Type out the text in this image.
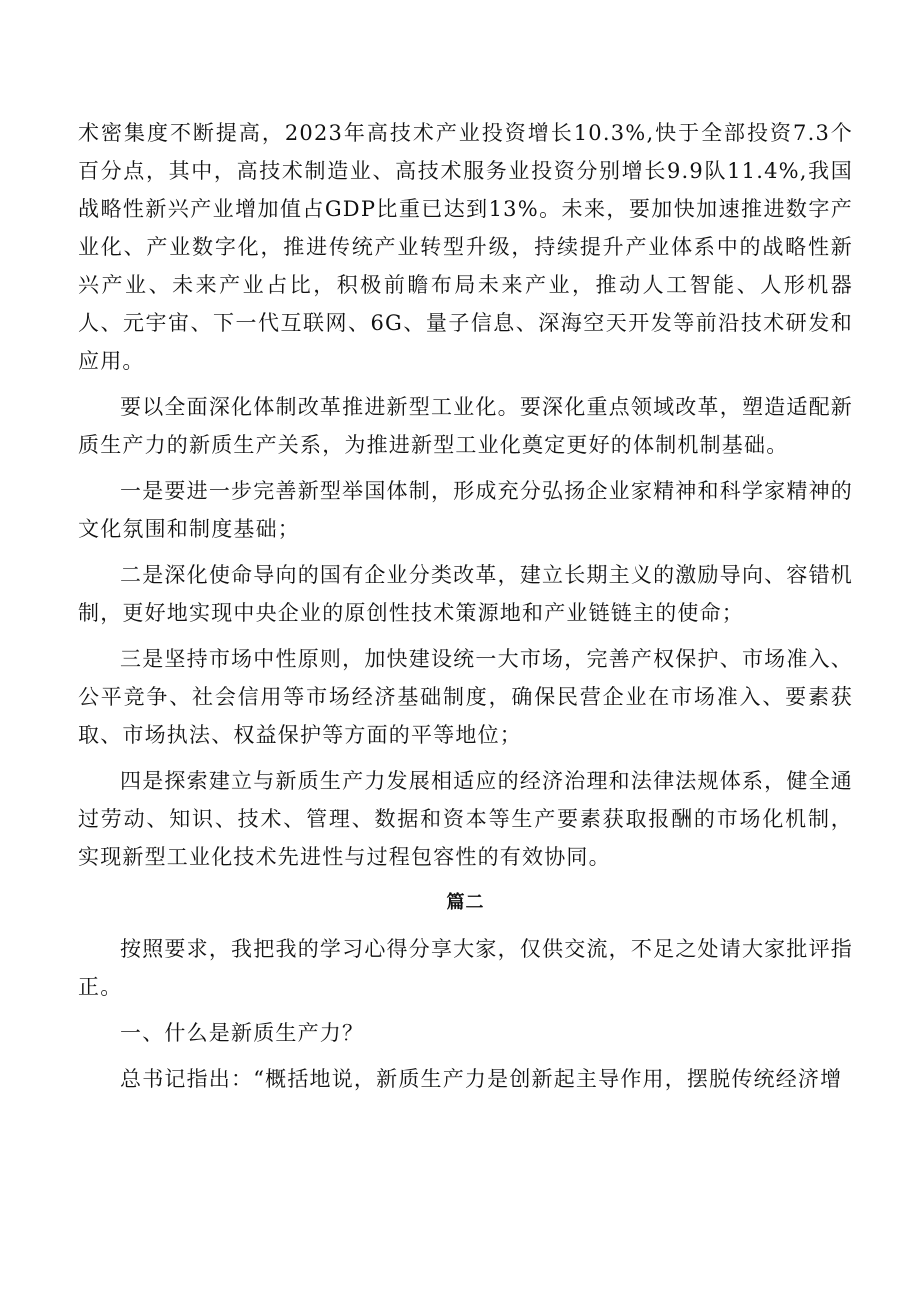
术密集度不断提高，2023年高技术产业投资增长10.3%,快于全部投资7.3个百分点，其中，高技术制造业、高技术服务业投资分别增长9.9队11.4%,我国战略性新兴产业增加值占GDP比重已达到13%。未来，要加快加速推进数字产业化、产业数字化，推进传统产业转型升级，持续提升产业体系中的战略性新兴产业、未来产业占比，积极前瞻布局未来产业，推动人工智能、人形机器人、元宇宙、下一代互联网、6G、量子信息、深海空天开发等前沿技术研发和应用。

要以全面深化体制改革推进新型工业化。要深化重点领域改革，塑造适配新质生产力的新质生产关系，为推进新型工业化奠定更好的体制机制基础。

一是要进一步完善新型举国体制，形成充分弘扬企业家精神和科学家精神的文化氛围和制度基础；

二是深化使命导向的国有企业分类改革，建立长期主义的激励导向、容错机制，更好地实现中央企业的原创性技术策源地和产业链链主的使命；

三是坚持市场中性原则，加快建设统一大市场，完善产权保护、市场准入、公平竞争、社会信用等市场经济基础制度，确保民营企业在市场准入、要素获取、市场执法、权益保护等方面的平等地位；

四是探索建立与新质生产力发展相适应的经济治理和法律法规体系，健全通过劳动、知识、技术、管理、数据和资本等生产要素获取报酬的市场化机制，实现新型工业化技术先进性与过程包容性的有效协同。

篇二

按照要求，我把我的学习心得分享大家，仅供交流，不足之处请大家批评指正。

一、什么是新质生产力？

总书记指出：“概括地说，新质生产力是创新起主导作用，摆脱传统经济增
